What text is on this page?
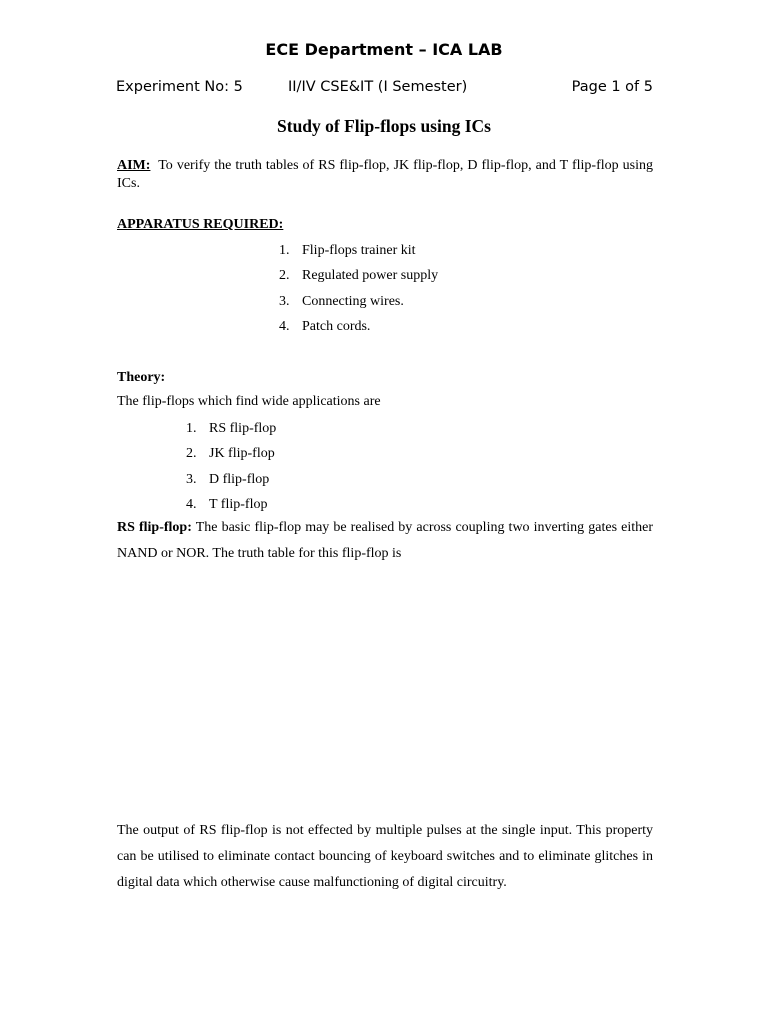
ECE Department – ICA LAB
Experiment No: 5	II/IV CSE&IT (I Semester)	Page 1 of 5
Study of Flip-flops using ICs
AIM: To verify the truth tables of RS flip-flop, JK flip-flop, D flip-flop, and T flip-flop using ICs.
APPARATUS REQUIRED:
1. Flip-flops trainer kit
2. Regulated power supply
3. Connecting wires.
4. Patch cords.
Theory:
The flip-flops which find wide applications are
1. RS flip-flop
2. JK flip-flop
3. D flip-flop
4. T flip-flop
RS flip-flop: The basic flip-flop may be realised by across coupling two inverting gates either NAND or NOR. The truth table for this flip-flop is
The output of RS flip-flop is not effected by multiple pulses at the single input. This property can be utilised to eliminate contact bouncing of keyboard switches and to eliminate glitches in digital data which otherwise cause malfunctioning of digital circuitry.
